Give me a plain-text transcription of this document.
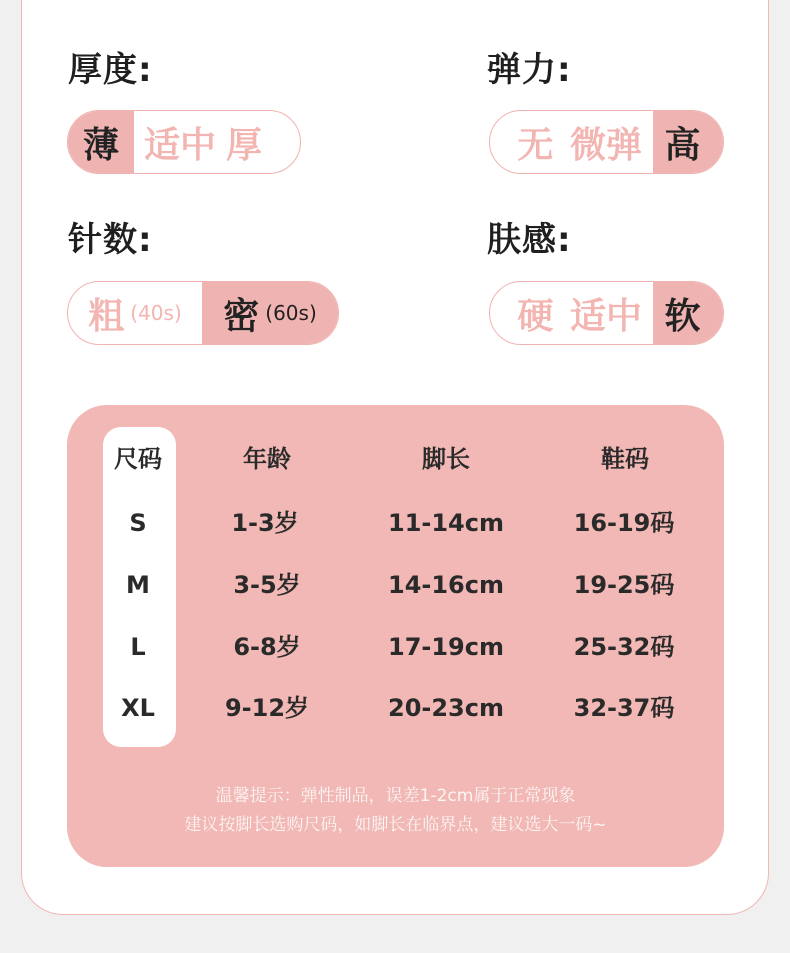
厚度:
薄 适中 厚
弹力:
无 微弹 高
针数:
粗 (40s) 密 (60s)
肤感:
硬 适中 软
尺码	年龄	脚长	鞋码
S	1-3岁	11-14cm	16-19码
M	3-5岁	14-16cm	19-25码
L	6-8岁	17-19cm	25-32码
XL	9-12岁	20-23cm	32-37码
温馨提示：弹性制品，误差1-2cm属于正常现象
建议按脚长选购尺码，如脚长在临界点，建议选大一码~
